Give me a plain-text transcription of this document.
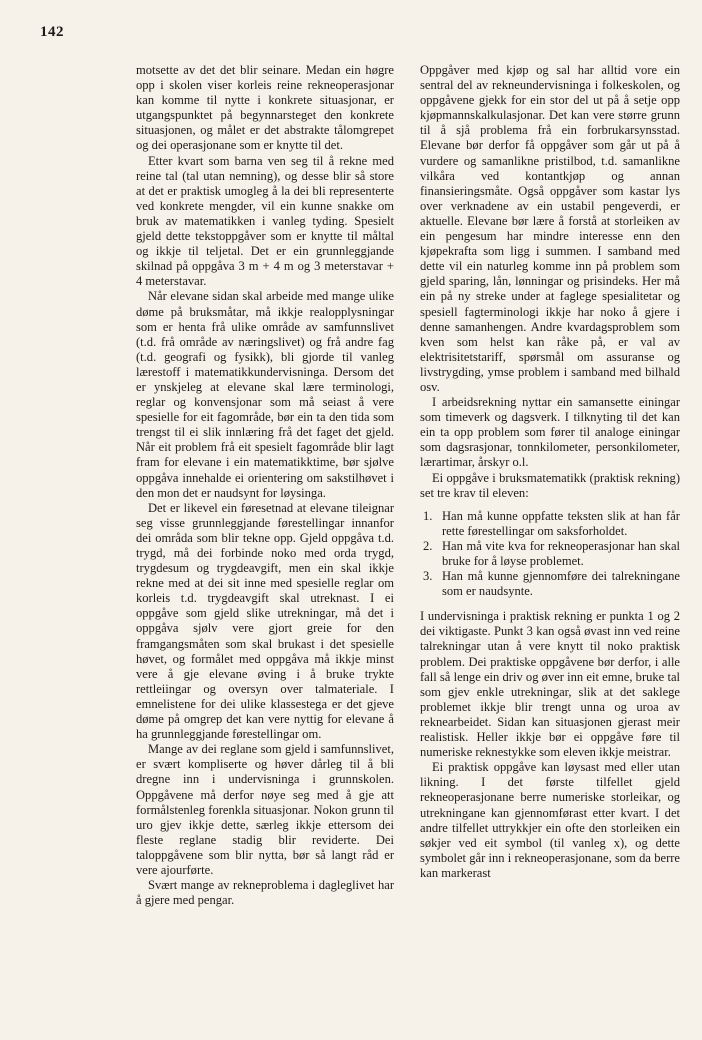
142

motsette av det det blir seinare. Medan ein høgre opp i skolen viser korleis reine rekneoperasjonar kan komme til nytte i konkrete situasjonar, er utgangspunktet på begynnarsteget den konkrete situasjonen, og målet er det abstrakte tålomgrepet og dei operasjonane som er knytte til det.

Etter kvart som barna ven seg til å rekne med reine tal (tal utan nemning), og desse blir så store at det er praktisk umogleg å la dei bli representerte ved konkrete mengder, vil ein kunne snakke om bruk av matematikken i vanleg tyding. Spesielt gjeld dette tekstoppgåver som er knytte til måltal og ikkje til teljetal. Det er ein grunnleggjande skilnad på oppgåva 3 m + 4 m og 3 meterstavar + 4 meterstavar.

Når elevane sidan skal arbeide med mange ulike døme på bruksmåtar, må ikkje realopplysningar som er henta frå ulike område av samfunnslivet (t.d. frå område av næringslivet) og frå andre fag (t.d. geografi og fysikk), bli gjorde til vanleg lærestoff i matematikkundervisninga. Dersom det er ynskjeleg at elevane skal lære terminologi, reglar og konvensjonar som må seiast å vere spesielle for eit fagområde, bør ein ta den tida som trengst til ei slik innlæring frå det faget det gjeld. Når eit problem frå eit spesielt fagområde blir lagt fram for elevane i ein matematikktime, bør sjølve oppgåva innehalde ei orientering om sakstilhøvet i den mon det er naudsynt for løysinga.

Det er likevel ein føresetnad at elevane tileignar seg visse grunnleggjande førestellingar innanfor dei områda som blir tekne opp. Gjeld oppgåva t.d. trygd, må dei forbinde noko med orda trygd, trygdesum og trygdeavgift, men ein skal ikkje rekne med at dei sit inne med spesielle reglar om korleis t.d. trygdeavgift skal utreknast. I ei oppgåve som gjeld slike utrekningar, må det i oppgåva sjølv vere gjort greie for den framgangsmåten som skal brukast i det spesielle høvet, og formålet med oppgåva må ikkje minst vere å gje elevane øving i å bruke trykte rettleiingar og oversyn over talmateriale. I emnelistene for dei ulike klassestega er det gjeve døme på omgrep det kan vere nyttig for elevane å ha grunnleggjande førestellingar om.

Mange av dei reglane som gjeld i samfunnslivet, er svært kompliserte og høver dårleg til å bli dregne inn i undervisninga i grunnskolen. Oppgåvene må derfor nøye seg med å gje att formålstenleg forenkla situasjonar. Nokon grunn til uro gjev ikkje dette, særleg ikkje ettersom dei fleste reglane stadig blir reviderte. Dei taloppgåvene som blir nytta, bør så langt råd er vere ajourførte.

Svært mange av rekneproblema i dagleglivet har å gjere med pengar.

Oppgåver med kjøp og sal har alltid vore ein sentral del av rekneundervisninga i folkeskolen, og oppgåvene gjekk for ein stor del ut på å setje opp kjøpmannskalkulasjonar. Det kan vere større grunn til å sjå problema frå ein forbrukarsynsstad. Elevane bør derfor få oppgåver som går ut på å vurdere og samanlikne pristilbod, t.d. samanlikne vilkåra ved kontantkjøp og annan finansieringsmåte. Også oppgåver som kastar lys over verknadene av ein ustabil pengeverdi, er aktuelle. Elevane bør lære å forstå at storleiken av ein pengesum har mindre interesse enn den kjøpekrafta som ligg i summen. I samband med dette vil ein naturleg komme inn på problem som gjeld sparing, lån, lønningar og prisindeks. Her må ein på ny streke under at faglege spesialitetar og spesiell fagterminologi ikkje har noko å gjere i denne samanhengen. Andre kvardagsproblem som kven som helst kan råke på, er val av elektrisitetstariff, spørsmål om assuranse og livstrygding, ymse problem i samband med bilhald osv.

I arbeidsrekning nyttar ein samansette einingar som timeverk og dagsverk. I tilknyting til det kan ein ta opp problem som fører til analoge einingar som dagsrasjonar, tonnkilometer, personkilometer, lærartimar, årskyr o.l.

Ei oppgåve i bruksmatematikk (praktisk rekning) set tre krav til eleven:

1. Han må kunne oppfatte teksten slik at han får rette førestellingar om saksforholdet.
2. Han må vite kva for rekneoperasjonar han skal bruke for å løyse problemet.
3. Han må kunne gjennomføre dei talrekningane som er naudsynte.

I undervisninga i praktisk rekning er punkta 1 og 2 dei viktigaste. Punkt 3 kan også øvast inn ved reine talrekningar utan å vere knytt til noko praktisk problem. Dei praktiske oppgåvene bør derfor, i alle fall så lenge ein driv og øver inn eit emne, bruke tal som gjev enkle utrekningar, slik at det saklege problemet ikkje blir trengt unna og uroa av reknearbeidet. Sidan kan situasjonen gjerast meir realistisk. Heller ikkje bør ei oppgåve føre til numeriske reknestykke som eleven ikkje meistrar.

Ei praktisk oppgåve kan løysast med eller utan likning. I det første tilfellet gjeld rekneoperasjonane berre numeriske storleikar, og utrekningane kan gjennomførast etter kvart. I det andre tilfellet uttrykkjer ein ofte den storleiken ein søkjer ved eit symbol (til vanleg x), og dette symbolet går inn i rekneoperasjonane, som da berre kan markerast
